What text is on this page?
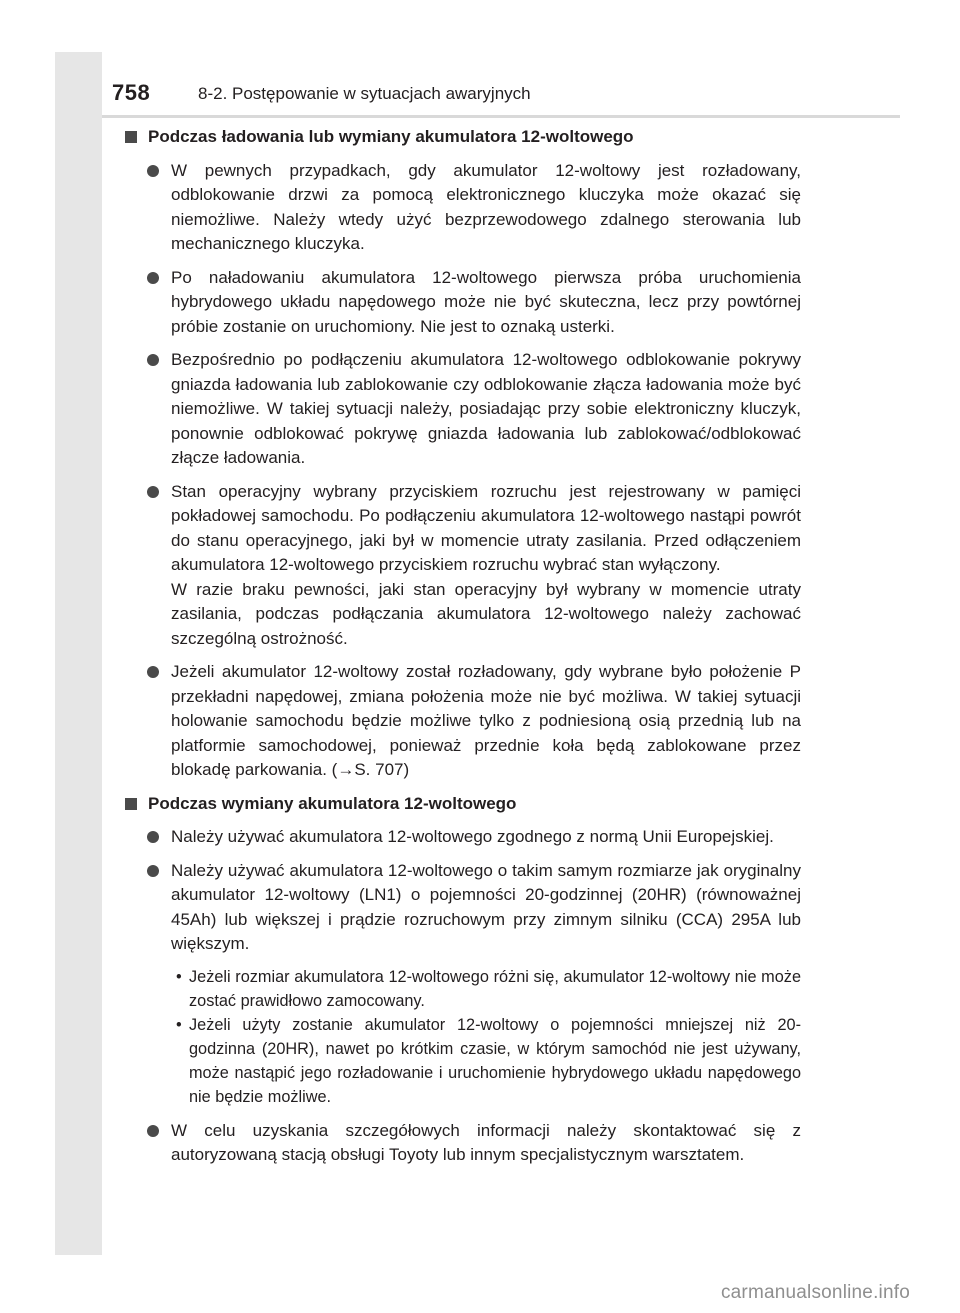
758	8-2. Postępowanie w sytuacjach awaryjnych
Podczas ładowania lub wymiany akumulatora 12-woltowego
W pewnych przypadkach, gdy akumulator 12-woltowy jest rozładowany, odblokowanie drzwi za pomocą elektronicznego kluczyka może okazać się niemożliwe. Należy wtedy użyć bezprzewodowego zdalnego sterowania lub mechanicznego kluczyka.
Po naładowaniu akumulatora 12-woltowego pierwsza próba uruchomienia hybrydowego układu napędowego może nie być skuteczna, lecz przy powtórnej próbie zostanie on uruchomiony. Nie jest to oznaką usterki.
Bezpośrednio po podłączeniu akumulatora 12-woltowego odblokowanie pokrywy gniazda ładowania lub zablokowanie czy odblokowanie złącza ładowania może być niemożliwe. W takiej sytuacji należy, posiadając przy sobie elektroniczny kluczyk, ponownie odblokować pokrywę gniazda ładowania lub zablokować/odblokować złącze ładowania.
Stan operacyjny wybrany przyciskiem rozruchu jest rejestrowany w pamięci pokładowej samochodu. Po podłączeniu akumulatora 12-woltowego nastąpi powrót do stanu operacyjnego, jaki był w momencie utraty zasilania. Przed odłączeniem akumulatora 12-woltowego przyciskiem rozruchu wybrać stan wyłączony.
W razie braku pewności, jaki stan operacyjny był wybrany w momencie utraty zasilania, podczas podłączania akumulatora 12-woltowego należy zachować szczególną ostrożność.
Jeżeli akumulator 12-woltowy został rozładowany, gdy wybrane było położenie P przekładni napędowej, zmiana położenia może nie być możliwa. W takiej sytuacji holowanie samochodu będzie możliwe tylko z podniesioną osią przednią lub na platformie samochodowej, ponieważ przednie koła będą zablokowane przez blokadę parkowania. (→S. 707)
Podczas wymiany akumulatora 12-woltowego
Należy używać akumulatora 12-woltowego zgodnego z normą Unii Europejskiej.
Należy używać akumulatora 12-woltowego o takim samym rozmiarze jak oryginalny akumulator 12-woltowy (LN1) o pojemności 20-godzinnej (20HR) (równoważnej 45Ah) lub większej i prądzie rozruchowym przy zimnym silniku (CCA) 295A lub większym.
• Jeżeli rozmiar akumulatora 12-woltowego różni się, akumulator 12-woltowy nie może zostać prawidłowo zamocowany.
• Jeżeli użyty zostanie akumulator 12-woltowy o pojemności mniejszej niż 20-godzinna (20HR), nawet po krótkim czasie, w którym samochód nie jest używany, może nastąpić jego rozładowanie i uruchomienie hybrydowego układu napędowego nie będzie możliwe.
W celu uzyskania szczegółowych informacji należy skontaktować się z autoryzowaną stacją obsługi Toyoty lub innym specjalistycznym warsztatem.
carmanualsonline.info
